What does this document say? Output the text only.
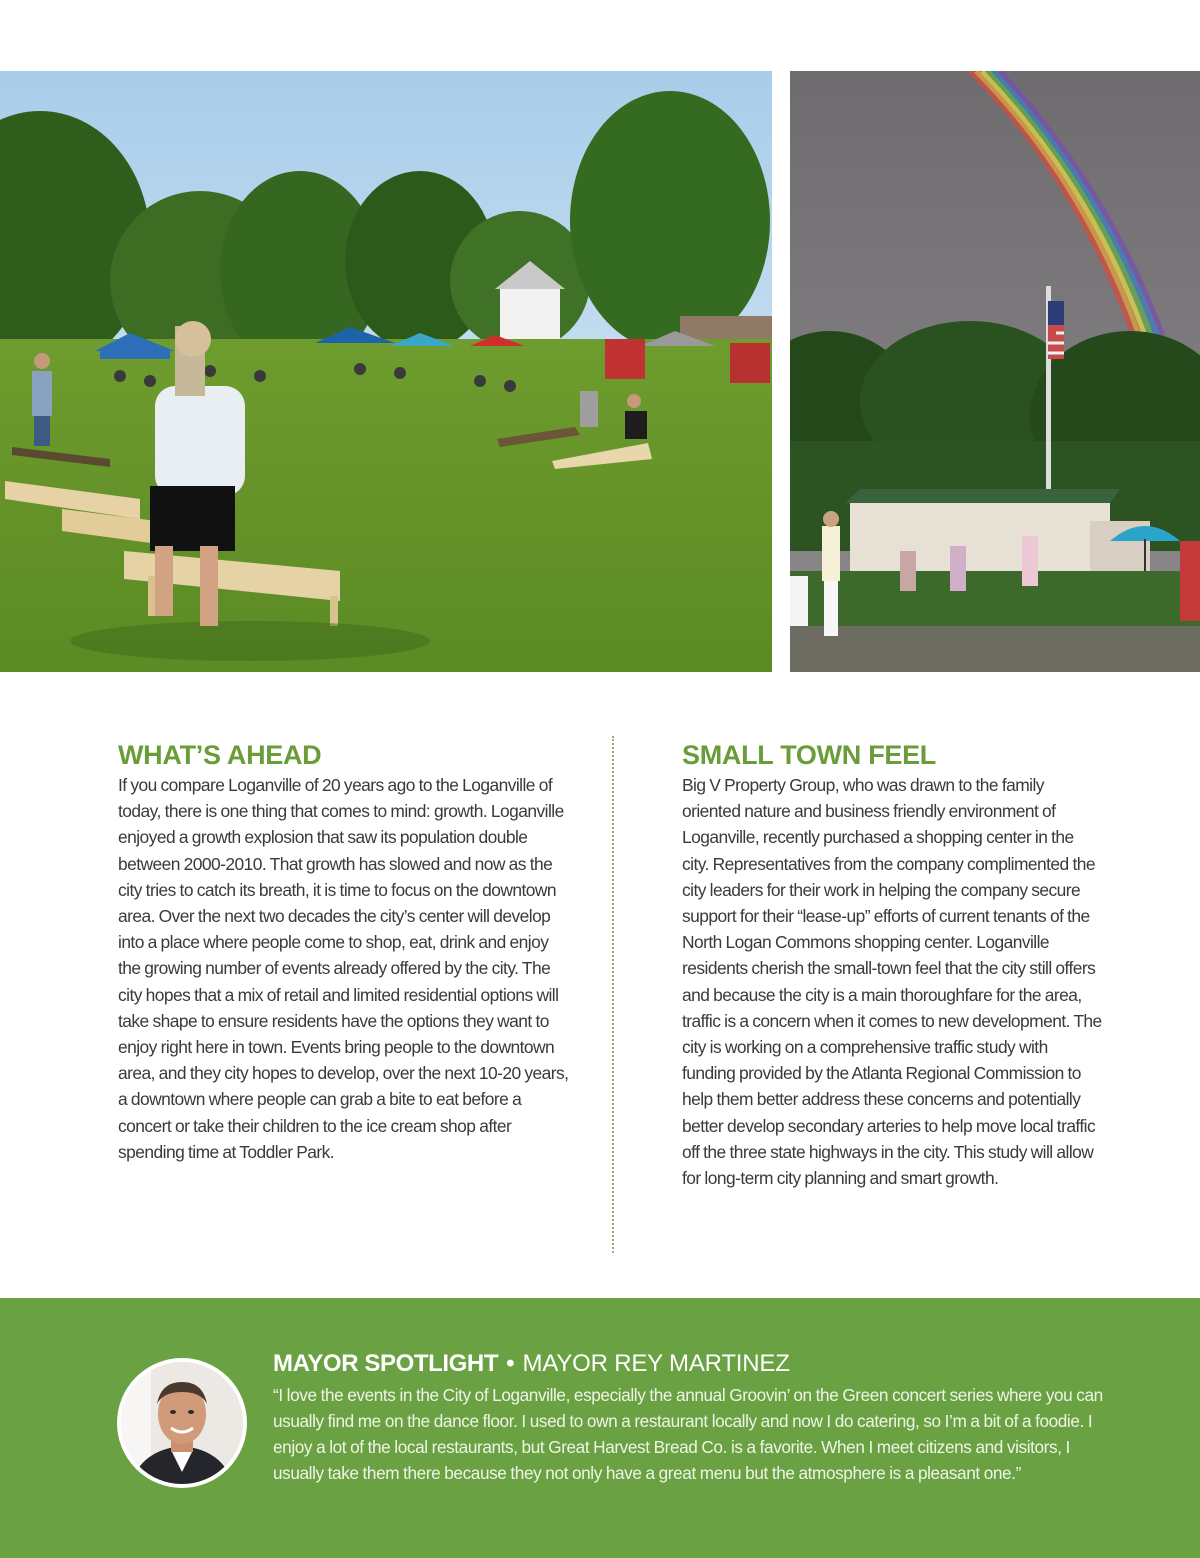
WHAT’S AHEAD

If you compare Loganville of 20 years ago to the Loganville of today, there is one thing that comes to mind: growth. Loganville enjoyed a growth explosion that saw its population double between 2000-2010. That growth has slowed and now as the city tries to catch its breath, it is time to focus on the downtown area. Over the next two decades the city’s center will develop into a place where people come to shop, eat, drink and enjoy the growing number of events already offered by the city. The city hopes that a mix of retail and limited residential options will take shape to ensure residents have the options they want to enjoy right here in town. Events bring people to the downtown area, and they city hopes to develop, over the next 10-20 years, a downtown where people can grab a bite to eat before a concert or take their children to the ice cream shop after spending time at Toddler Park.

SMALL TOWN FEEL

Big V Property Group, who was drawn to the family oriented nature and business friendly environment of Loganville, recently purchased a shopping center in the city. Representatives from the company complimented the city leaders for their work in helping the company secure support for their “lease-up” efforts of current tenants of the North Logan Commons shopping center. Loganville residents cherish the small-town feel that the city still offers and because the city is a main thoroughfare for the area, traffic is a concern when it comes to new development. The city is working on a comprehensive traffic study with funding provided by the Atlanta Regional Commission to help them better address these concerns and potentially better develop secondary arteries to help move local traffic off the three state highways in the city. This study will allow for long-term city planning and smart growth.

MAYOR SPOTLIGHT • MAYOR REY MARTINEZ

“I love the events in the City of Loganville, especially the annual Groovin’ on the Green concert series where you can usually find me on the dance floor. I used to own a restaurant locally and now I do catering, so I’m a bit of a foodie. I enjoy a lot of the local restaurants, but Great Harvest Bread Co. is a favorite. When I meet citizens and visitors, I usually take them there because they not only have a great menu but the atmosphere is a pleasant one.”
